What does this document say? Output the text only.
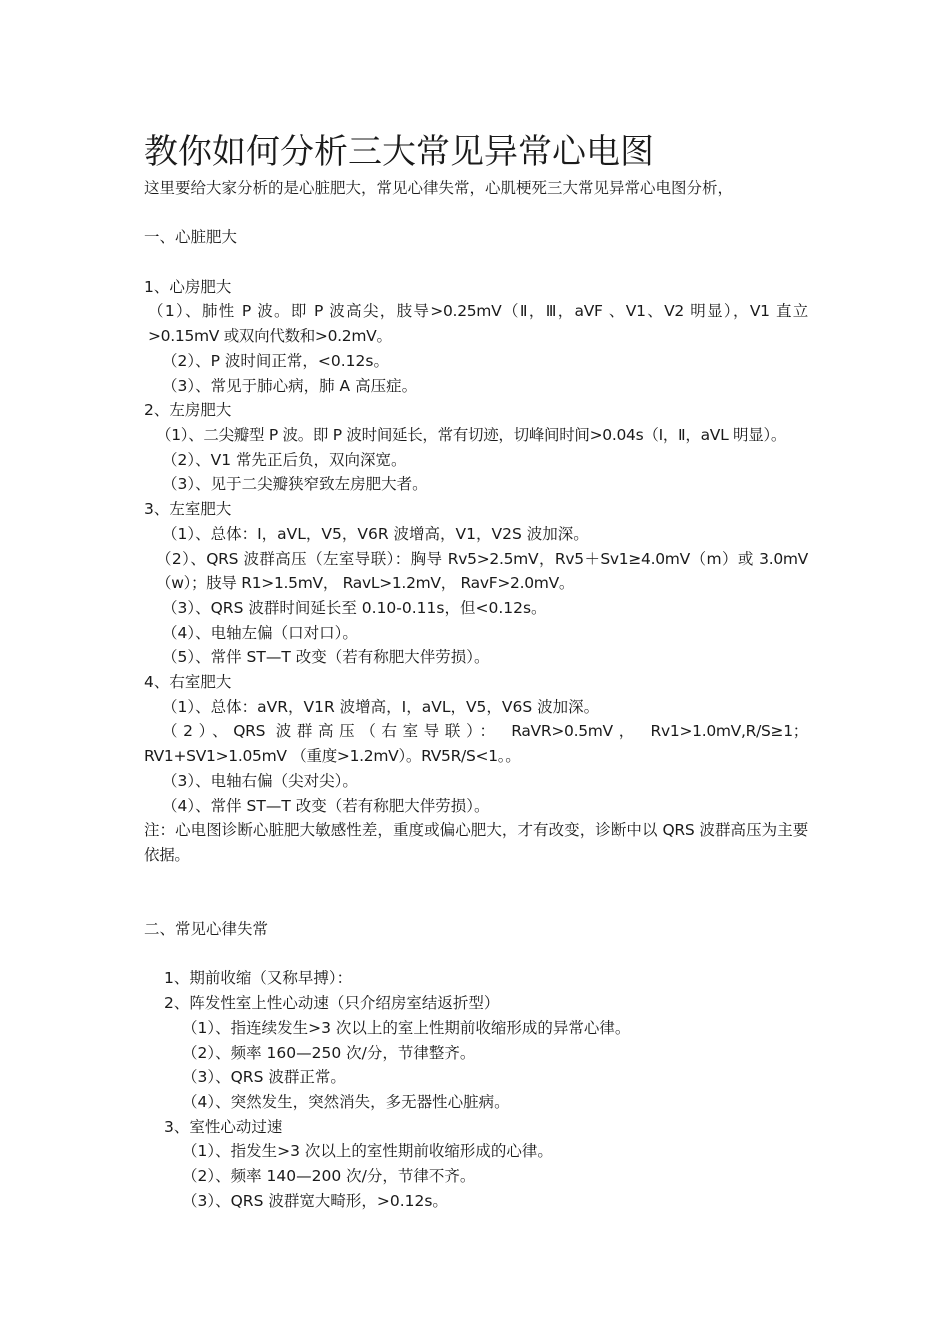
教你如何分析三大常见异常心电图
这里要给大家分析的是心脏肥大，常见心律失常，心肌梗死三大常见异常心电图分析，
一、心脏肥大
1、心房肥大
（1）、肺性 P 波。即 P 波高尖，肢导>0.25mV（Ⅱ，Ⅲ，aVF 、V1、V2 明显），V1 直立>0.15mV 或双向代数和>0.2mV。
（2）、P 波时间正常，<0.12s。
（3）、常见于肺心病，肺 A 高压症。
2、左房肥大
（1）、二尖瓣型 P 波。即 P 波时间延长，常有切迹，切峰间时间>0.04s（Ⅰ，Ⅱ，aVL 明显）。
（2）、V1 常先正后负，双向深宽。
（3）、见于二尖瓣狭窄致左房肥大者。
3、左室肥大
（1）、总体：Ⅰ，aVL，V5，V6R 波增高，V1，V2S 波加深。
（2）、QRS 波群高压（左室导联）：胸导 Rv5>2.5mV，Rv5＋Sv1≥4.0mV（m）或 3.0mV（w）；肢导 R1>1.5mV， RavL>1.2mV， RavF>2.0mV。
（3）、QRS 波群时间延长至 0.10-0.11s，但<0.12s。
（4）、电轴左偏（口对口）。
（5）、常伴 ST—T 改变（若有称肥大伴劳损）。
4、右室肥大
（1）、总体：aVR，V1R 波增高，Ⅰ，aVL，V5，V6S 波加深。
（2）、QRS 波群高压（右室导联）： RaVR>0.5mV， Rv1>1.0mV,R/S≥1；RV1+SV1>1.05mV （重度>1.2mV）。RV5R/S<1。。
（3）、电轴右偏（尖对尖）。
（4）、常伴 ST—T 改变（若有称肥大伴劳损）。
注：心电图诊断心脏肥大敏感性差，重度或偏心肥大，才有改变，诊断中以 QRS 波群高压为主要依据。
二、常见心律失常
1、期前收缩（又称早搏）：
2、阵发性室上性心动速（只介绍房室结返折型）
（1）、指连续发生>3 次以上的室上性期前收缩形成的异常心律。
（2）、频率 160—250 次/分，节律整齐。
（3）、QRS 波群正常。
（4）、突然发生，突然消失，多无器性心脏病。
3、室性心动过速
（1）、指发生>3 次以上的室性期前收缩形成的心律。
（2）、频率 140—200 次/分，节律不齐。
（3）、QRS 波群宽大畸形，>0.12s。
